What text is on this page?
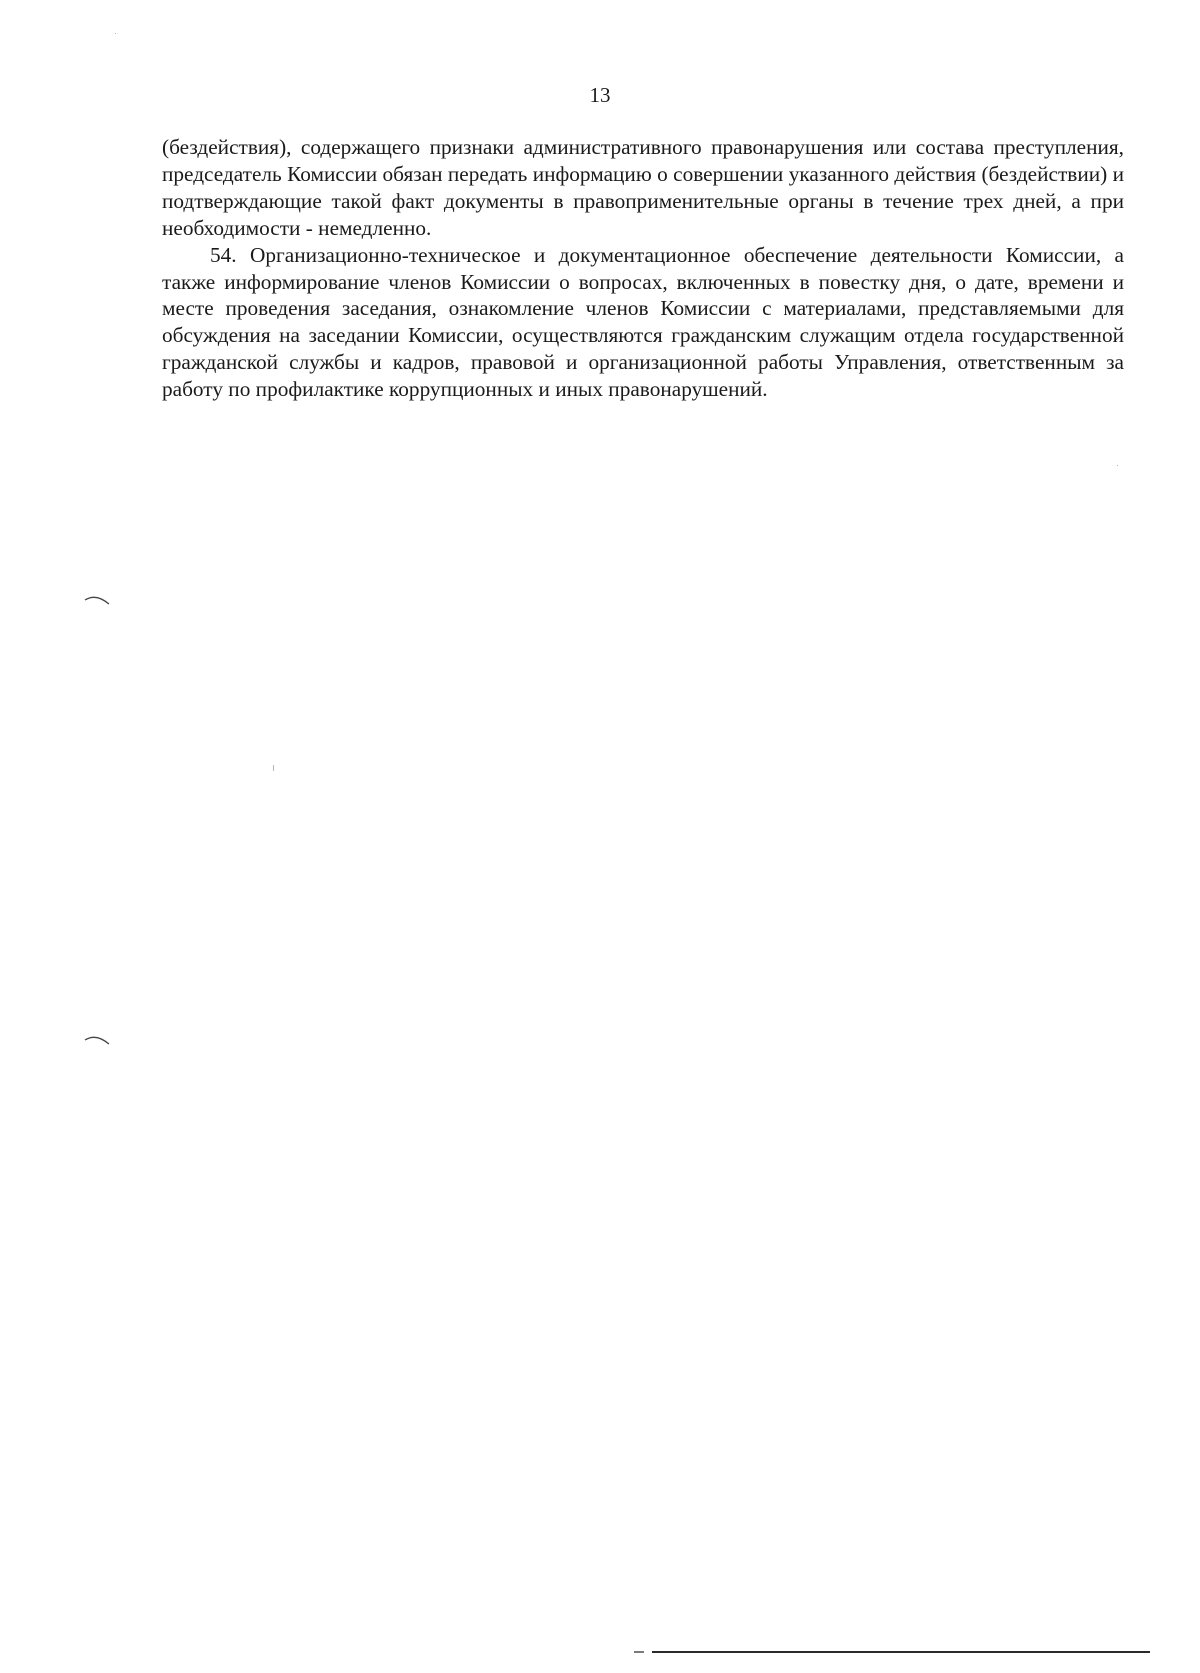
13

(бездействия), содержащего признаки административного правонарушения или состава преступления, председатель Комиссии обязан передать информацию о совершении указанного действия (бездействии) и подтверждающие такой факт документы в правоприменительные органы в течение трех дней, а при необходимости - немедленно.

54. Организационно-техническое и документационное обеспечение деятельности Комиссии, а также информирование членов Комиссии о вопросах, включенных в повестку дня, о дате, времени и месте проведения заседания, ознакомление членов Комиссии с материалами, представляемыми для обсуждения на заседании Комиссии, осуществляются гражданским служащим отдела государственной гражданской службы и кадров, правовой и организационной работы Управления, ответственным за работу по профилактике коррупционных и иных правонарушений.
